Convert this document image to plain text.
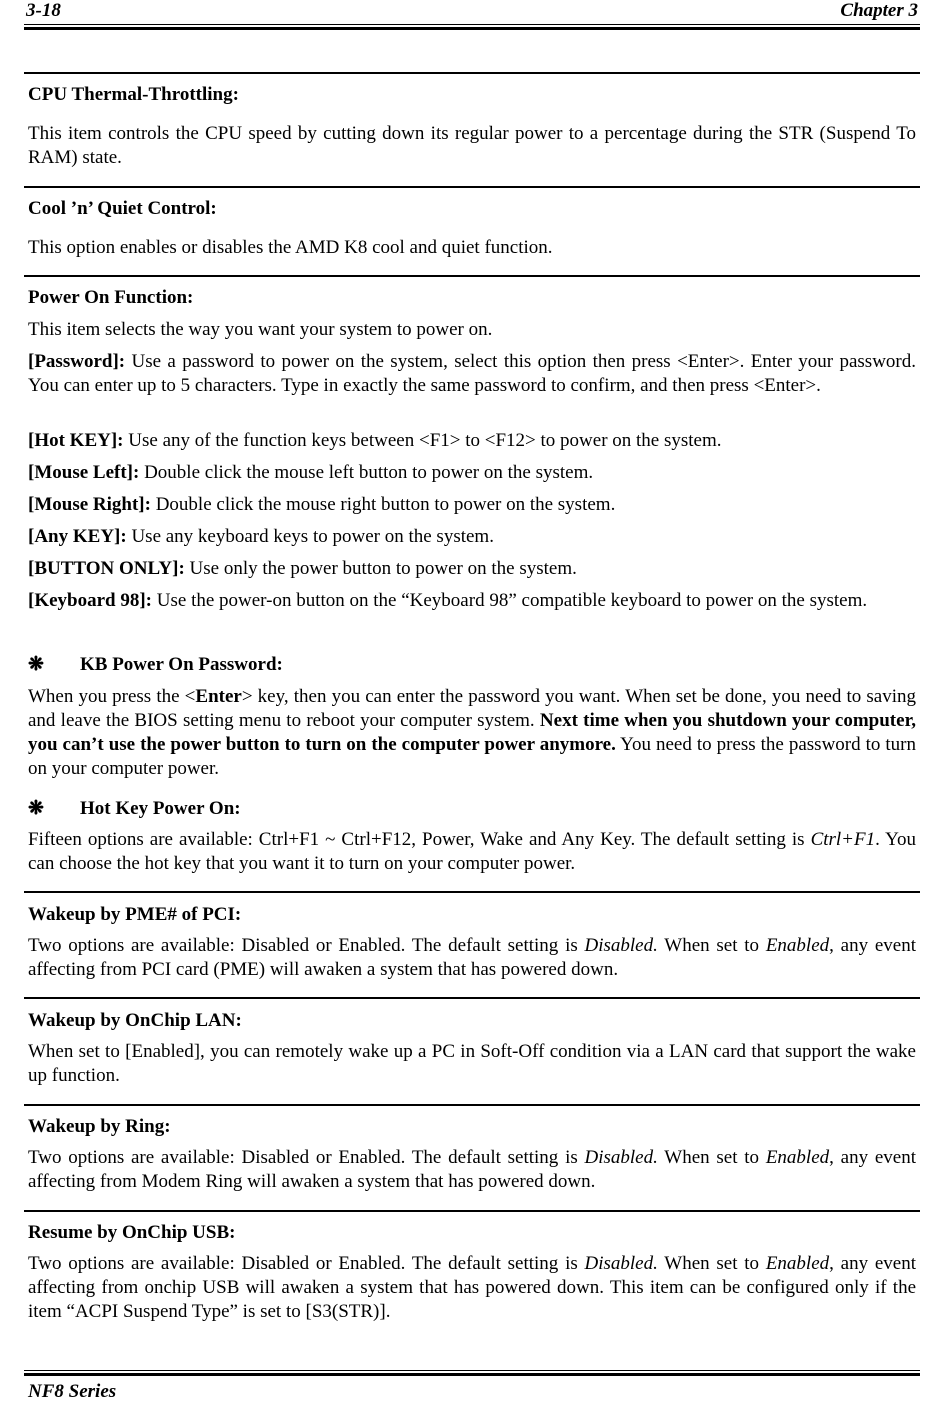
3-18	Chapter 3
CPU Thermal-Throttling:

This item controls the CPU speed by cutting down its regular power to a percentage during the STR (Suspend To RAM) state.

Cool ’n’ Quiet Control:

This option enables or disables the AMD K8 cool and quiet function.

Power On Function:

This item selects the way you want your system to power on.

[Password]: Use a password to power on the system, select this option then press <Enter>. Enter your password. You can enter up to 5 characters. Type in exactly the same password to confirm, and then press <Enter>.

[Hot KEY]: Use any of the function keys between <F1> to <F12> to power on the system.

[Mouse Left]: Double click the mouse left button to power on the system.

[Mouse Right]: Double click the mouse right button to power on the system.

[Any KEY]: Use any keyboard keys to power on the system.

[BUTTON ONLY]: Use only the power button to power on the system.

[Keyboard 98]: Use the power-on button on the “Keyboard 98” compatible keyboard to power on the system.

❋ KB Power On Password:

When you press the <Enter> key, then you can enter the password you want. When set be done, you need to saving and leave the BIOS setting menu to reboot your computer system. Next time when you shutdown your computer, you can’t use the power button to turn on the computer power anymore. You need to press the password to turn on your computer power.

❋ Hot Key Power On:

Fifteen options are available: Ctrl+F1 ~ Ctrl+F12, Power, Wake and Any Key. The default setting is Ctrl+F1. You can choose the hot key that you want it to turn on your computer power.

Wakeup by PME# of PCI:

Two options are available: Disabled or Enabled. The default setting is Disabled. When set to Enabled, any event affecting from PCI card (PME) will awaken a system that has powered down.

Wakeup by OnChip LAN:

When set to [Enabled], you can remotely wake up a PC in Soft-Off condition via a LAN card that support the wake up function.

Wakeup by Ring:

Two options are available: Disabled or Enabled. The default setting is Disabled. When set to Enabled, any event affecting from Modem Ring will awaken a system that has powered down.

Resume by OnChip USB:

Two options are available: Disabled or Enabled. The default setting is Disabled. When set to Enabled, any event affecting from onchip USB will awaken a system that has powered down. This item can be configured only if the item “ACPI Suspend Type” is set to [S3(STR)].

NF8 Series
